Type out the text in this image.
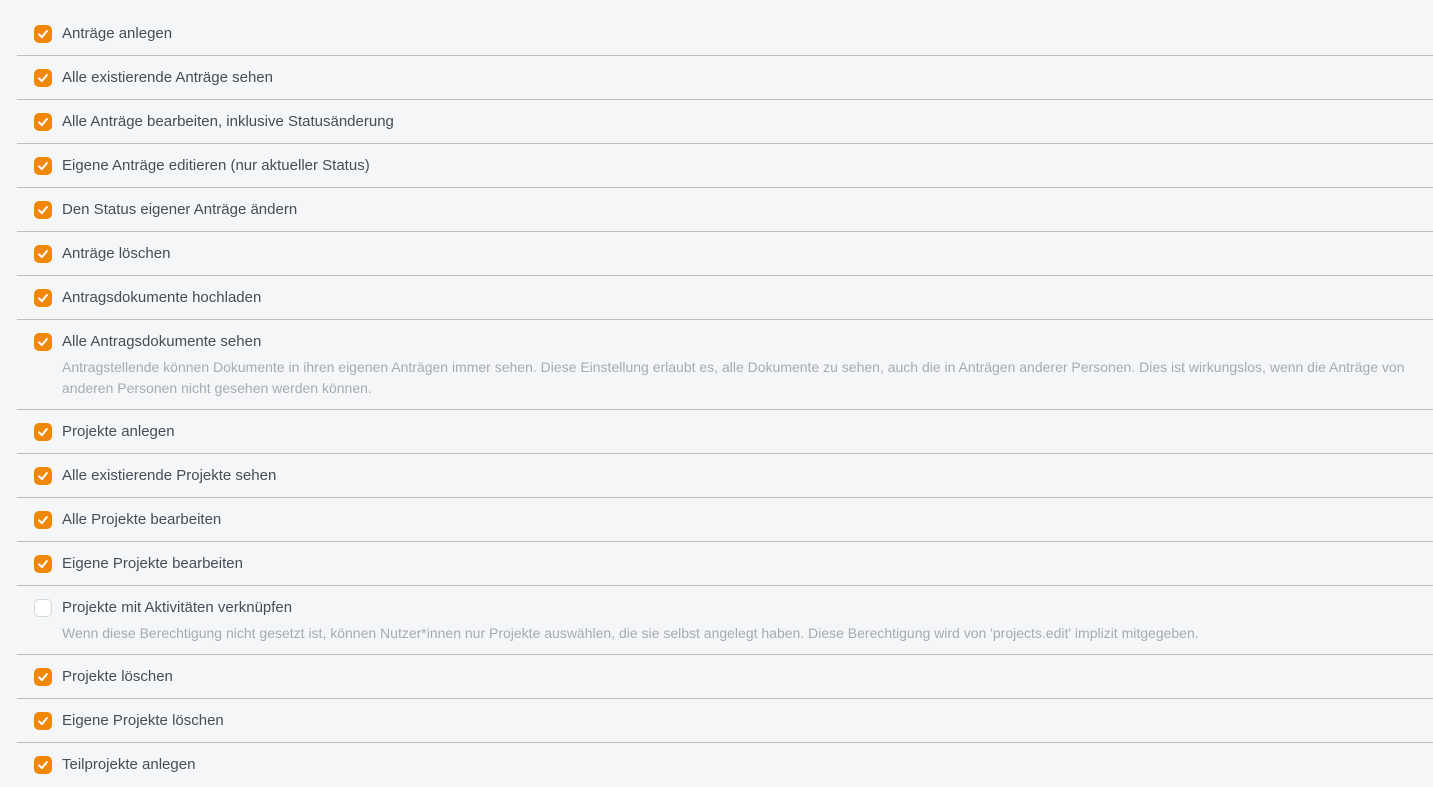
Anträge anlegen
Alle existierende Anträge sehen
Alle Anträge bearbeiten, inklusive Statusänderung
Eigene Anträge editieren (nur aktueller Status)
Den Status eigener Anträge ändern
Anträge löschen
Antragsdokumente hochladen
Alle Antragsdokumente sehen
Antragstellende können Dokumente in ihren eigenen Anträgen immer sehen. Diese Einstellung erlaubt es, alle Dokumente zu sehen, auch die in Anträgen anderer Personen. Dies ist wirkungslos, wenn die Anträge von anderen Personen nicht gesehen werden können.
Projekte anlegen
Alle existierende Projekte sehen
Alle Projekte bearbeiten
Eigene Projekte bearbeiten
Projekte mit Aktivitäten verknüpfen
Wenn diese Berechtigung nicht gesetzt ist, können Nutzer*innen nur Projekte auswählen, die sie selbst angelegt haben. Diese Berechtigung wird von 'projects.edit' implizit mitgegeben.
Projekte löschen
Eigene Projekte löschen
Teilprojekte anlegen
